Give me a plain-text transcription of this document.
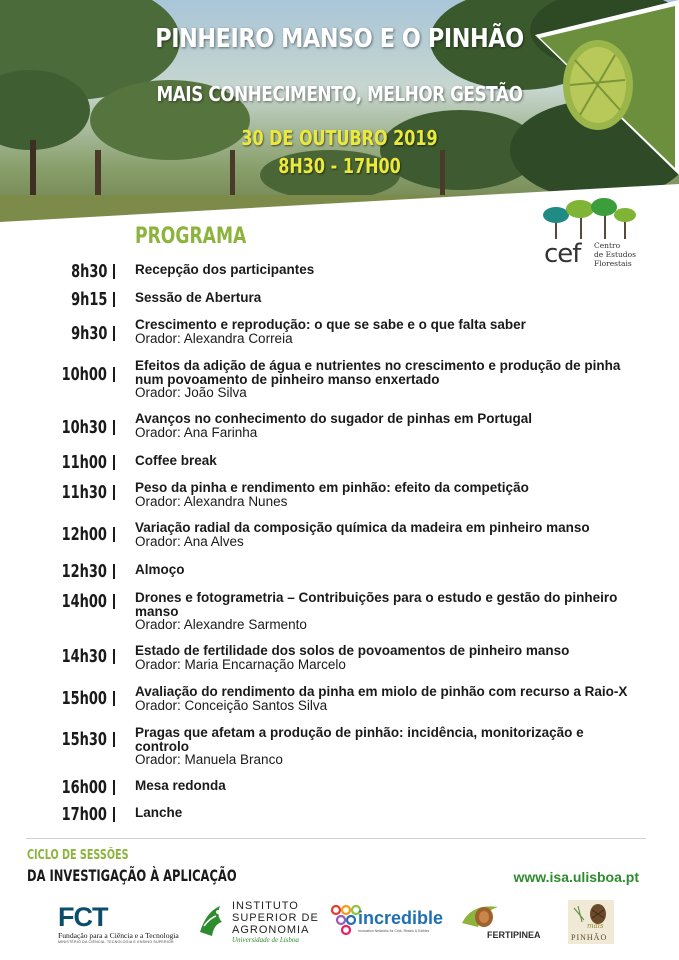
PINHEIRO MANSO E O PINHÃO
MAIS CONHECIMENTO, MELHOR GESTÃO
30 DE OUTUBRO 2019
8H30 - 17H00
cef Centro
de Estudos
Florestais
PROGRAMA
8h30 Recepção dos participantes
9h15 Sessão de Abertura
9h30 Crescimento e reprodução: o que se sabe e o que falta saber
Orador: Alexandra Correia
10h00 Efeitos da adição de água e nutrientes no crescimento e produção de pinha
num povoamento de pinheiro manso enxertado
Orador: João Silva
10h30 Avanços no conhecimento do sugador de pinhas em Portugal
Orador: Ana Farinha
11h00 Coffee break
11h30 Peso da pinha e rendimento em pinhão: efeito da competição
Orador: Alexandra Nunes
12h00 Variação radial da composição química da madeira em pinheiro manso
Orador: Ana Alves
12h30 Almoço
14h00 Drones e fotogrametria – Contribuições para o estudo e gestão do pinheiro
manso
Orador: Alexandre Sarmento
14h30 Estado de fertilidade dos solos de povoamentos de pinheiro manso
Orador: Maria Encarnação Marcelo
15h00 Avaliação do rendimento da pinha em miolo de pinhão com recurso a Raio-X
Orador: Conceição Santos Silva
15h30 Pragas que afetam a produção de pinhão: incidência, monitorização e
controlo
Orador: Manuela Branco
16h00 Mesa redonda
17h00 Lanche
CICLO DE SESSÕES
DA INVESTIGAÇÃO À APLICAÇÃO	www.isa.ulisboa.pt
FCT
Fundação para a Ciência e a Tecnologia
MINISTÉRIO DA CIÊNCIA, TECNOLOGIA E ENSINO SUPERIOR
INSTITUTO
SUPERIOR DE
AGRONOMIA
Universidade de Lisboa
incredible
Innovation Networks for Cork, Resins & Edibles	FERTIPINEA
mais
PINHÃO
